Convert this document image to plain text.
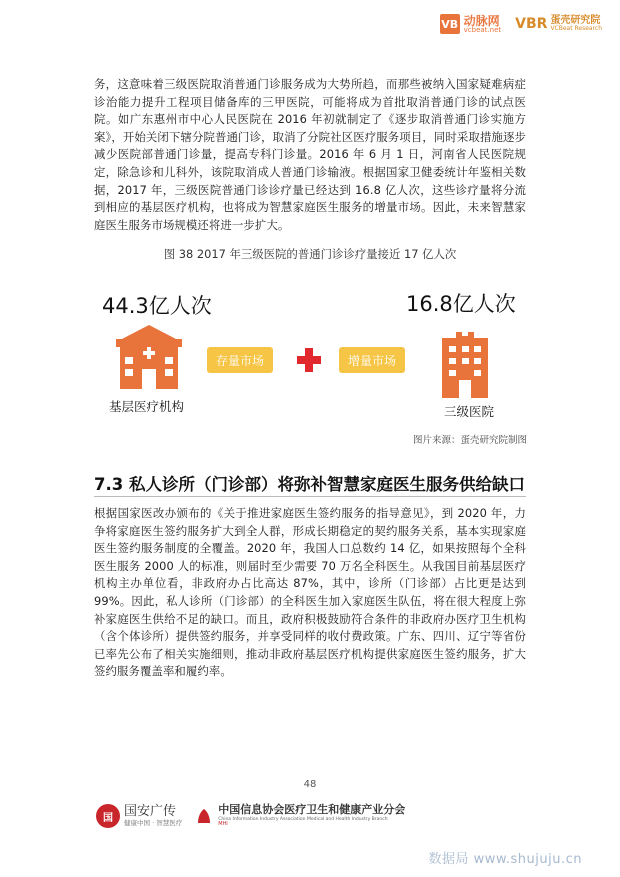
VB 动脉网
vcbeat.net VBR 蛋壳研究院
VCBeat Research

务，这意味着三级医院取消普通门诊服务成为大势所趋，而那些被纳入国家疑难病症诊治能力提升工程项目储备库的三甲医院，可能将成为首批取消普通门诊的试点医院。如广东惠州市中心人民医院在 2016 年初就制定了《逐步取消普通门诊实施方案》，开始关闭下辖分院普通门诊，取消了分院社区医疗服务项目，同时采取措施逐步减少医院部普通门诊量，提高专科门诊量。2016 年 6 月 1 日，河南省人民医院规定，除急诊和儿科外，该院取消成人普通门诊输液。根据国家卫健委统计年鉴相关数据，2017 年，三级医院普通门诊诊疗量已经达到 16.8 亿人次，这些诊疗量将分流到相应的基层医疗机构，也将成为智慧家庭医生服务的增量市场。因此，未来智慧家庭医生服务市场规模还将进一步扩大。

图 38 2017 年三级医院的普通门诊诊疗量接近 17 亿人次
44.3亿人次	16.8亿人次
基层医疗机构
存量市场	增量市场
三级医院
图片来源：蛋壳研究院制图
7.3 私人诊所（门诊部）将弥补智慧家庭医生服务供给缺口

根据国家医改办颁布的《关于推进家庭医生签约服务的指导意见》，到 2020 年，力争将家庭医生签约服务扩大到全人群，形成长期稳定的契约服务关系，基本实现家庭医生签约服务制度的全覆盖。2020 年，我国人口总数约 14 亿，如果按照每个全科医生服务 2000 人的标准，则届时至少需要 70 万名全科医生。从我国目前基层医疗机构主办单位看，非政府办占比高达 87%，其中，诊所（门诊部）占比更是达到 99%。因此，私人诊所（门诊部）的全科医生加入家庭医生队伍，将在很大程度上弥补家庭医生供给不足的缺口。而且，政府积极鼓励符合条件的非政府办医疗卫生机构（含个体诊所）提供签约服务，并享受同样的收付费政策。广东、四川、辽宁等省份已率先公布了相关实施细则，推动非政府基层医疗机构提供家庭医生签约服务，扩大签约服务覆盖率和履约率。

48
国 国安广传
健康中国 · 智慧医疗
中国信息协会医疗卫生和健康产业分会
China Information Industry Association Medical and Health Industry Branch
MHI
数据局 www.shujuju.cn
